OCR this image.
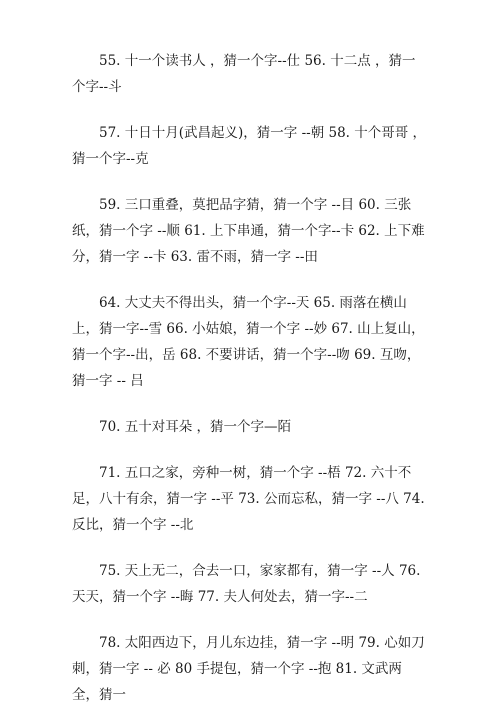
55. 十一个读书人 ，猜一个字--仕 56. 十二点 ，猜一个字--斗

57. 十日十月(武昌起义)，猜一字 --朝 58. 十个哥哥 ，猜一个字--克

59. 三口重叠，莫把品字猜，猜一个字 --目 60. 三张纸，猜一个字 --顺 61. 上下串通，猜一个字--卡 62. 上下难分，猜一字 --卡 63. 雷不雨，猜一字 --田

64. 大丈夫不得出头，猜一个字--天 65. 雨落在横山上，猜一字--雪 66. 小姑娘，猜一个字 --妙 67. 山上复山，猜一个字--出，岳 68. 不要讲话，猜一个字--吻 69. 互吻，猜一字 -- 吕

70. 五十对耳朵 ，猜一个字—陌

71. 五口之家，旁种一树，猜一个字 --梧 72. 六十不足，八十有余，猜一字 --平 73. 公而忘私，猜一字 --八 74. 反比，猜一个字 --北

75. 天上无二，合去一口，家家都有，猜一字 --人 76. 天天，猜一个字 --晦 77. 夫人何处去，猜一字--二

78. 太阳西边下，月儿东边挂，猜一字 --明 79. 心如刀刺，猜一字 -- 必 80 手提包，猜一个字 --抱 81. 文武两全，猜一
